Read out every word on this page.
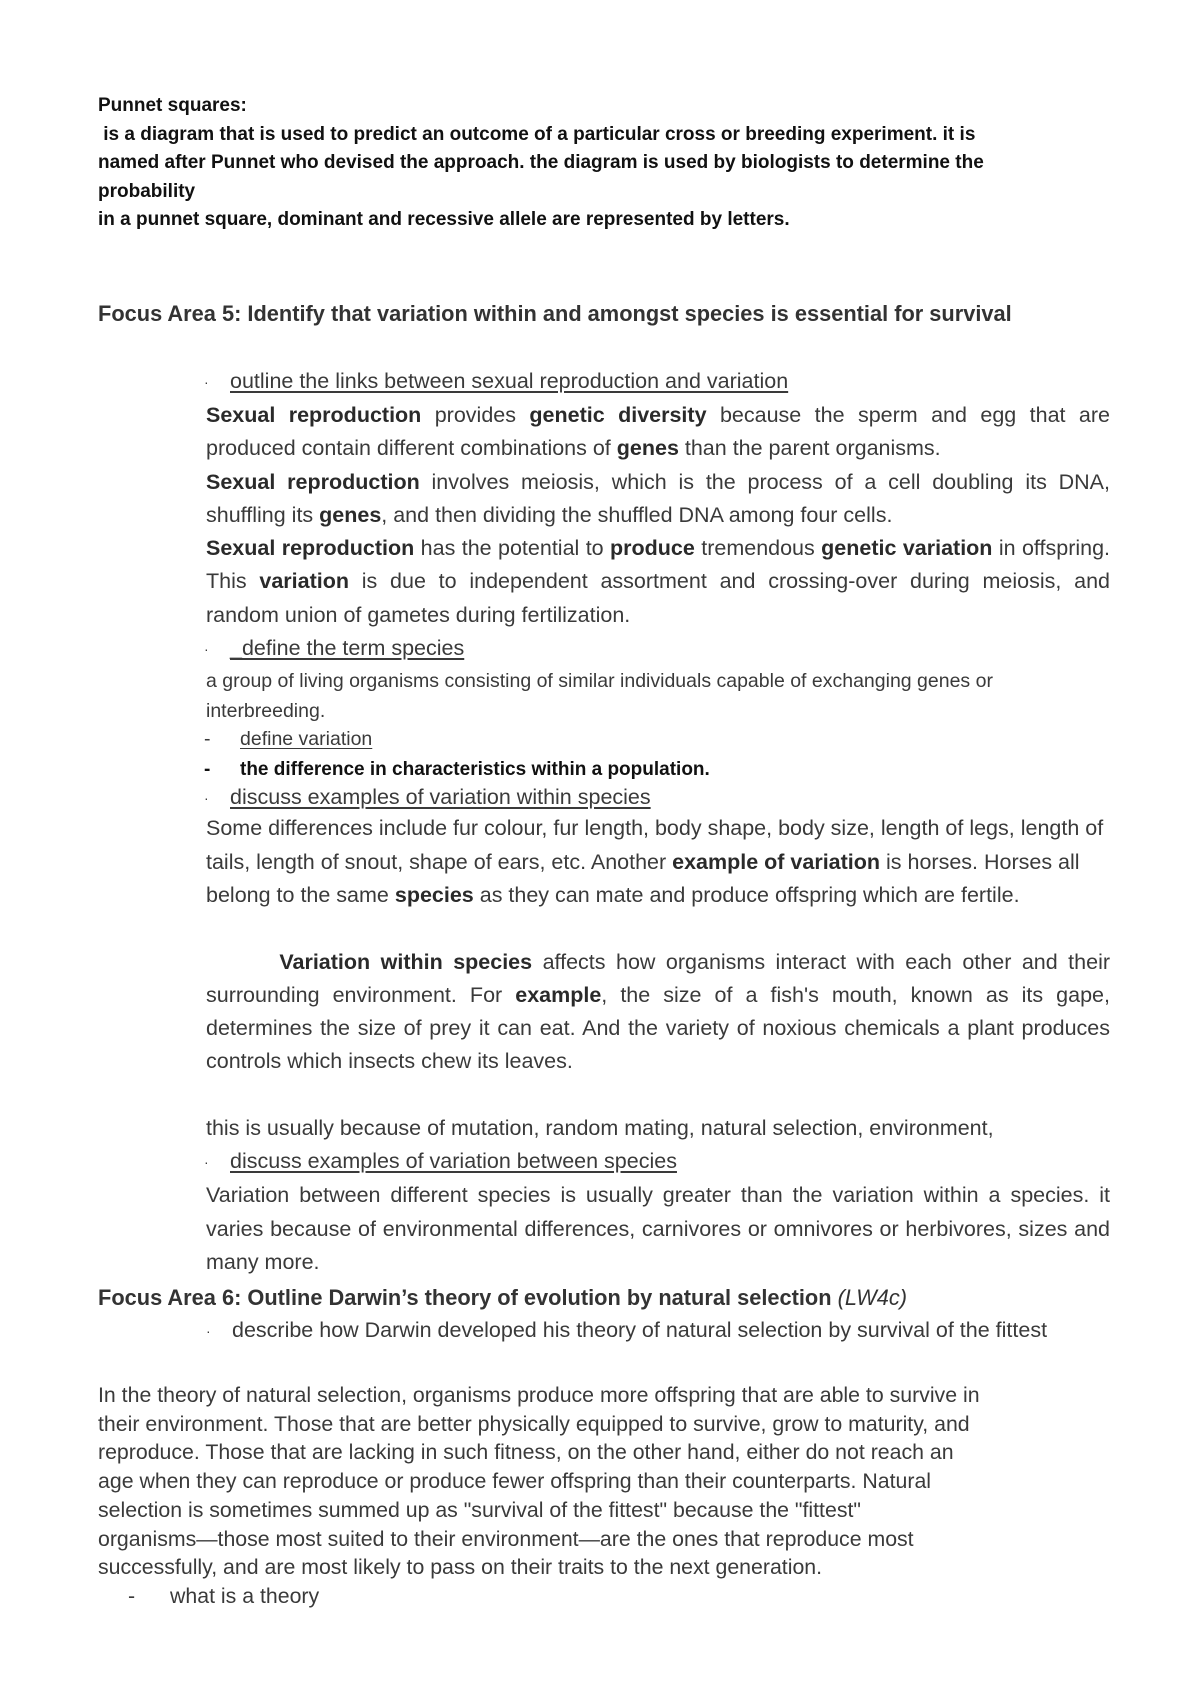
Punnet squares:
is a diagram that is used to predict an outcome of a particular cross or breeding experiment. it is
named after Punnet who devised the approach. the diagram is used by biologists to determine the
probability
in a punnet square, dominant and recessive allele are represented by letters.
Focus Area 5: Identify that variation within and amongst species is essential for survival
· outline the links between sexual reproduction and variation
Sexual reproduction provides genetic diversity because the sperm and egg that are produced contain different combinations of genes than the parent organisms.
Sexual reproduction involves meiosis, which is the process of a cell doubling its DNA, shuffling its genes, and then dividing the shuffled DNA among four cells.
Sexual reproduction has the potential to produce tremendous genetic variation in offspring. This variation is due to independent assortment and crossing-over during meiosis, and random union of gametes during fertilization.
· _define the term species
a group of living organisms consisting of similar individuals capable of exchanging genes or interbreeding.
- define variation
- the difference in characteristics within a population.
· discuss examples of variation within species
Some differences include fur colour, fur length, body shape, body size, length of legs, length of tails, length of snout, shape of ears, etc. Another example of variation is horses. Horses all belong to the same species as they can mate and produce offspring which are fertile.

Variation within species affects how organisms interact with each other and their surrounding environment. For example, the size of a fish's mouth, known as its gape, determines the size of prey it can eat. And the variety of noxious chemicals a plant produces controls which insects chew its leaves.

this is usually because of mutation, random mating, natural selection, environment,
· discuss examples of variation between species
Variation between different species is usually greater than the variation within a species. it varies because of environmental differences, carnivores or omnivores or herbivores, sizes and many more.
Focus Area 6: Outline Darwin’s theory of evolution by natural selection (LW4c)
· describe how Darwin developed his theory of natural selection by survival of the fittest
In the theory of natural selection, organisms produce more offspring that are able to survive in
their environment. Those that are better physically equipped to survive, grow to maturity, and
reproduce. Those that are lacking in such fitness, on the other hand, either do not reach an
age when they can reproduce or produce fewer offspring than their counterparts. Natural
selection is sometimes summed up as "survival of the fittest" because the "fittest"
organisms—those most suited to their environment—are the ones that reproduce most
successfully, and are most likely to pass on their traits to the next generation.
- what is a theory
